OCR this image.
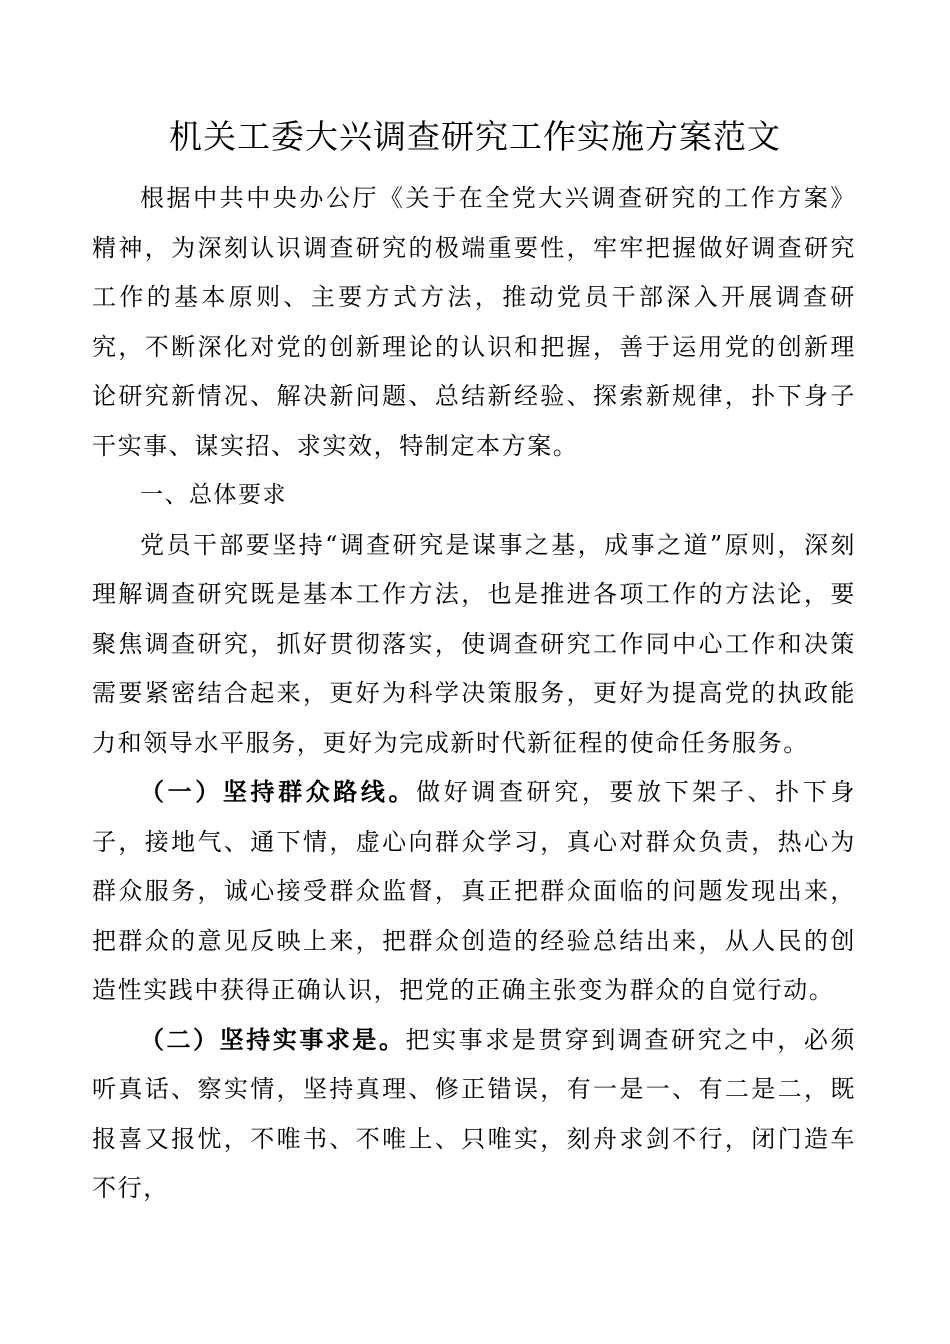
机关工委大兴调查研究工作实施方案范文

根据中共中央办公厅《关于在全党大兴调查研究的工作方案》精神，为深刻认识调查研究的极端重要性，牢牢把握做好调查研究工作的基本原则、主要方式方法，推动党员干部深入开展调查研究，不断深化对党的创新理论的认识和把握，善于运用党的创新理论研究新情况、解决新问题、总结新经验、探索新规律，扑下身子干实事、谋实招、求实效，特制定本方案。

一、总体要求

党员干部要坚持“调查研究是谋事之基，成事之道”原则，深刻理解调查研究既是基本工作方法，也是推进各项工作的方法论，要聚焦调查研究，抓好贯彻落实，使调查研究工作同中心工作和决策需要紧密结合起来，更好为科学决策服务，更好为提高党的执政能力和领导水平服务，更好为完成新时代新征程的使命任务服务。

（一）坚持群众路线。做好调查研究，要放下架子、扑下身子，接地气、通下情，虚心向群众学习，真心对群众负责，热心为群众服务，诚心接受群众监督，真正把群众面临的问题发现出来，把群众的意见反映上来，把群众创造的经验总结出来，从人民的创造性实践中获得正确认识，把党的正确主张变为群众的自觉行动。

（二）坚持实事求是。把实事求是贯穿到调查研究之中，必须听真话、察实情，坚持真理、修正错误，有一是一、有二是二，既报喜又报忧，不唯书、不唯上、只唯实，刻舟求剑不行，闭门造车不行，
